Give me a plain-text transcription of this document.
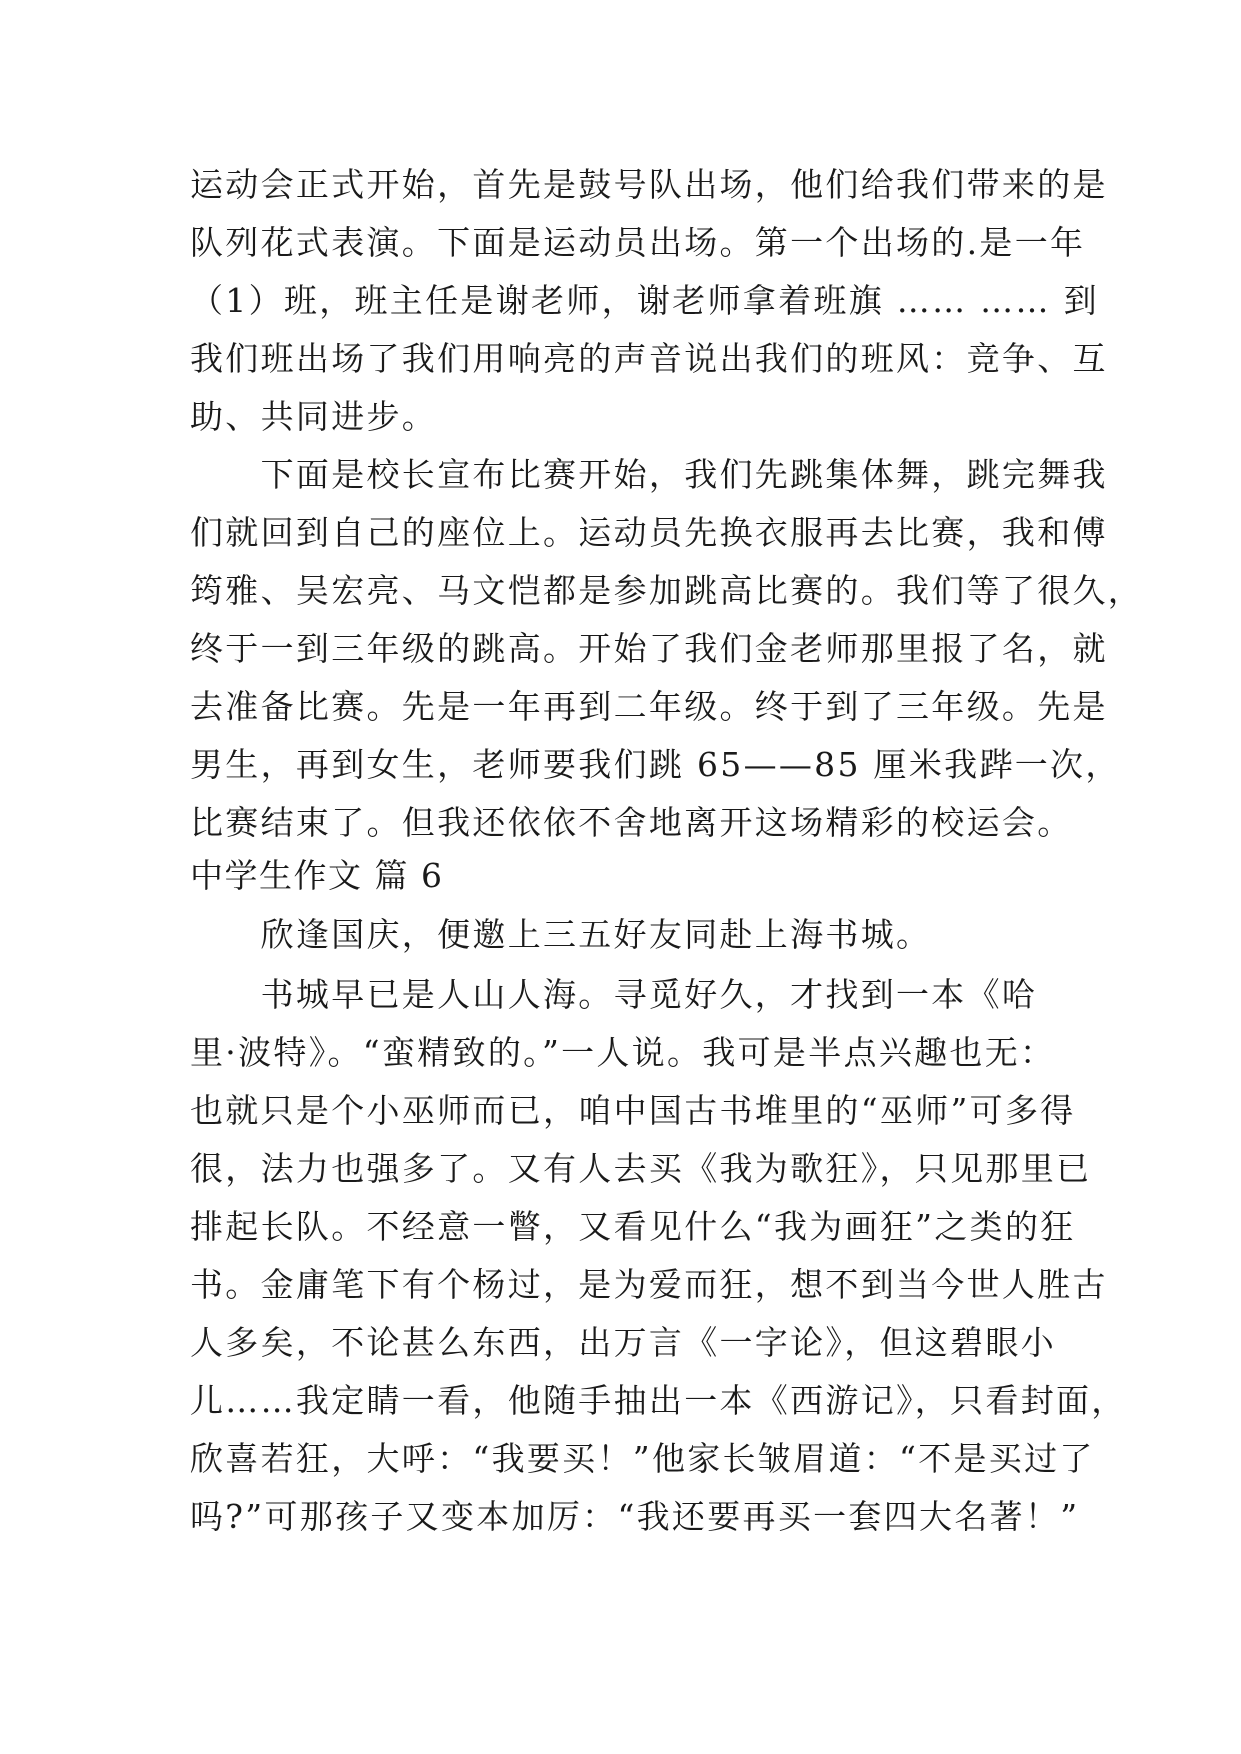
运动会正式开始，首先是鼓号队出场，他们给我们带来的是
队列花式表演。下面是运动员出场。第一个出场的.是一年
（1）班，班主任是谢老师，谢老师拿着班旗 …… …… 到
我们班出场了我们用响亮的声音说出我们的班风：竞争、互
助、共同进步。
　　下面是校长宣布比赛开始，我们先跳集体舞，跳完舞我
们就回到自己的座位上。运动员先换衣服再去比赛，我和傅
筠雅、吴宏亮、马文恺都是参加跳高比赛的。我们等了很久，
终于一到三年级的跳高。开始了我们金老师那里报了名，就
去准备比赛。先是一年再到二年级。终于到了三年级。先是
男生，再到女生，老师要我们跳 65——85 厘米我跸一次，
比赛结束了。但我还依依不舍地离开这场精彩的校运会。
中学生作文 篇 6
　　欣逢国庆，便邀上三五好友同赴上海书城。
　　书城早已是人山人海。寻觅好久，才找到一本《哈
里·波特》。“蛮精致的。”一人说。我可是半点兴趣也无：
也就只是个小巫师而已，咱中国古书堆里的“巫师”可多得
很，法力也强多了。又有人去买《我为歌狂》，只见那里已
排起长队。不经意一瞥，又看见什么“我为画狂”之类的狂
书。金庸笔下有个杨过，是为爱而狂，想不到当今世人胜古
人多矣，不论甚么东西，出万言《一字论》，但这碧眼小
儿……我定睛一看，他随手抽出一本《西游记》，只看封面，
欣喜若狂，大呼：“我要买！”他家长皱眉道：“不是买过了
吗?”可那孩子又变本加厉：“我还要再买一套四大名著！”
